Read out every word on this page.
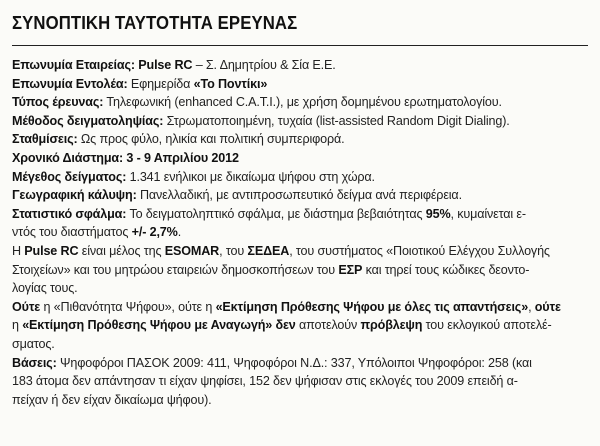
ΣΥΝΟΠΤΙΚΗ ΤΑΥΤΟΤΗΤΑ ΕΡΕΥΝΑΣ

Επωνυμία Εταιρείας: Pulse RC – Σ. Δημητρίου & Σία Ε.Ε.

Επωνυμία Εντολέα: Εφημερίδα «Το Ποντίκι»

Τύπος έρευνας: Τηλεφωνική (enhanced C.A.T.I.), με χρήση δομημένου ερωτηματολογίου.

Μέθοδος δειγματοληψίας: Στρωματοποιημένη, τυχαία (list-assisted Random Digit Dialing).

Σταθμίσεις: Ως προς φύλο, ηλικία και πολιτική συμπεριφορά.

Χρονικό Διάστημα: 3 - 9 Απριλίου 2012

Μέγεθος δείγματος: 1.341 ενήλικοι με δικαίωμα ψήφου στη χώρα.

Γεωγραφική κάλυψη: Πανελλαδική, με αντιπροσωπευτικό δείγμα ανά περιφέρεια.

Στατιστικό σφάλμα: Το δειγματοληπτικό σφάλμα, με διάστημα βεβαιότητας 95%, κυμαίνεται ε-
ντός του διαστήματος +/- 2,7%.

Η Pulse RC είναι μέλος της ESOMAR, του ΣΕΔΕΑ, του συστήματος «Ποιοτικού Ελέγχου Συλλογής
Στοιχείων» και του μητρώου εταιρειών δημοσκοπήσεων του ΕΣΡ και τηρεί τους κώδικες δεοντο-
λογίας τους.

Ούτε η «Πιθανότητα Ψήφου», ούτε η «Εκτίμηση Πρόθεσης Ψήφου με όλες τις απαντήσεις», ούτε
η «Εκτίμηση Πρόθεσης Ψήφου με Αναγωγή» δεν αποτελούν πρόβλεψη του εκλογικού αποτελέ-
σματος.

Βάσεις: Ψηφοφόροι ΠΑΣΟΚ 2009: 411, Ψηφοφόροι Ν.Δ.: 337, Υπόλοιποι Ψηφοφόροι: 258 (και
183 άτομα δεν απάντησαν τι είχαν ψηφίσει, 152 δεν ψήφισαν στις εκλογές του 2009 επειδή α-
πείχαν ή δεν είχαν δικαίωμα ψήφου).
